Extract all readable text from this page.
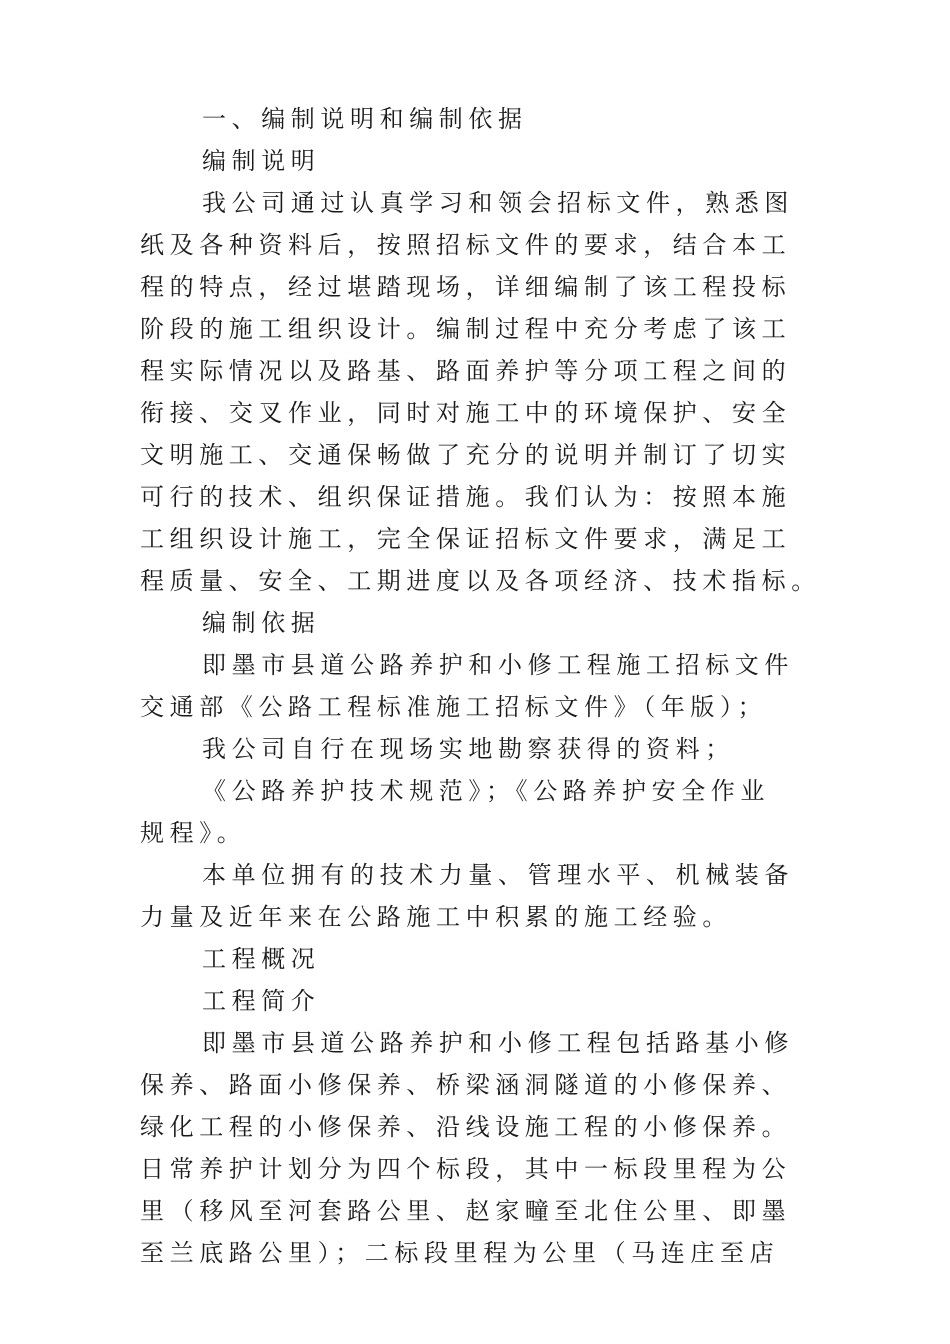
一、编制说明和编制依据
编制说明
我公司通过认真学习和领会招标文件，熟悉图
纸及各种资料后，按照招标文件的要求，结合本工
程的特点，经过堪踏现场，详细编制了该工程投标
阶段的施工组织设计。编制过程中充分考虑了该工
程实际情况以及路基、路面养护等分项工程之间的
衔接、交叉作业，同时对施工中的环境保护、安全
文明施工、交通保畅做了充分的说明并制订了切实
可行的技术、组织保证措施。我们认为：按照本施
工组织设计施工，完全保证招标文件要求，满足工
程质量、安全、工期进度以及各项经济、技术指标。
编制依据
即墨市县道公路养护和小修工程施工招标文件
交通部《公路工程标准施工招标文件》（年版）；
我公司自行在现场实地勘察获得的资料；
《公路养护技术规范》；《公路养护安全作业
规程》。
本单位拥有的技术力量、管理水平、机械装备
力量及近年来在公路施工中积累的施工经验。
工程概况
工程简介
即墨市县道公路养护和小修工程包括路基小修
保养、路面小修保养、桥梁涵洞隧道的小修保养、
绿化工程的小修保养、沿线设施工程的小修保养。
日常养护计划分为四个标段，其中一标段里程为公
里（移风至河套路公里、赵家疃至北住公里、即墨
至兰底路公里）；二标段里程为公里（马连庄至店
